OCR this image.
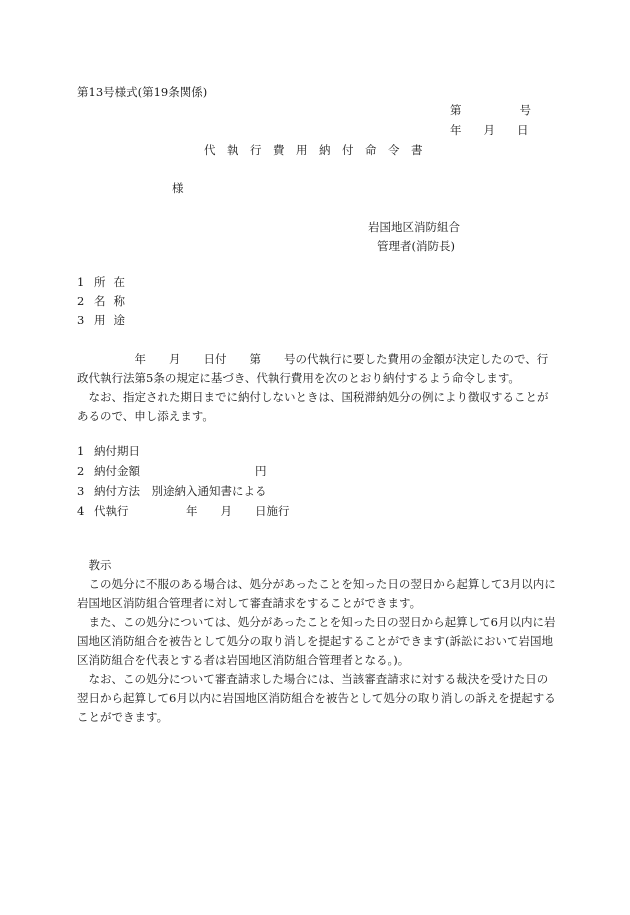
第13号様式(第19条関係)
第	号
年 月 日
代執行費用納付命令書
様
岩国地区消防組合
管理者(消防長)
1 所在
2 名称
3 用途

　　　　　年　　月　　日付　　第　　号の代執行に要した費用の金額が決定したので、行政代執行法第5条の規定に基づき、代執行費用を次のとおり納付するよう命令します。

なお、指定された期日までに納付しないときは、国税滞納処分の例により徴収することがあるので、申し添えます。

1 納付期日
2 納付金額　　　　　　　　　　円
3 納付方法　別途納入通知書による
4 代執行　　　　　年　　月　　日施行

教示

この処分に不服のある場合は、処分があったことを知った日の翌日から起算して3月以内に岩国地区消防組合管理者に対して審査請求をすることができます。

また、この処分については、処分があったことを知った日の翌日から起算して6月以内に岩国地区消防組合を被告として処分の取り消しを提起することができます(訴訟において岩国地区消防組合を代表とする者は岩国地区消防組合管理者となる。)。

なお、この処分について審査請求した場合には、当該審査請求に対する裁決を受けた日の翌日から起算して6月以内に岩国地区消防組合を被告として処分の取り消しの訴えを提起することができます。
